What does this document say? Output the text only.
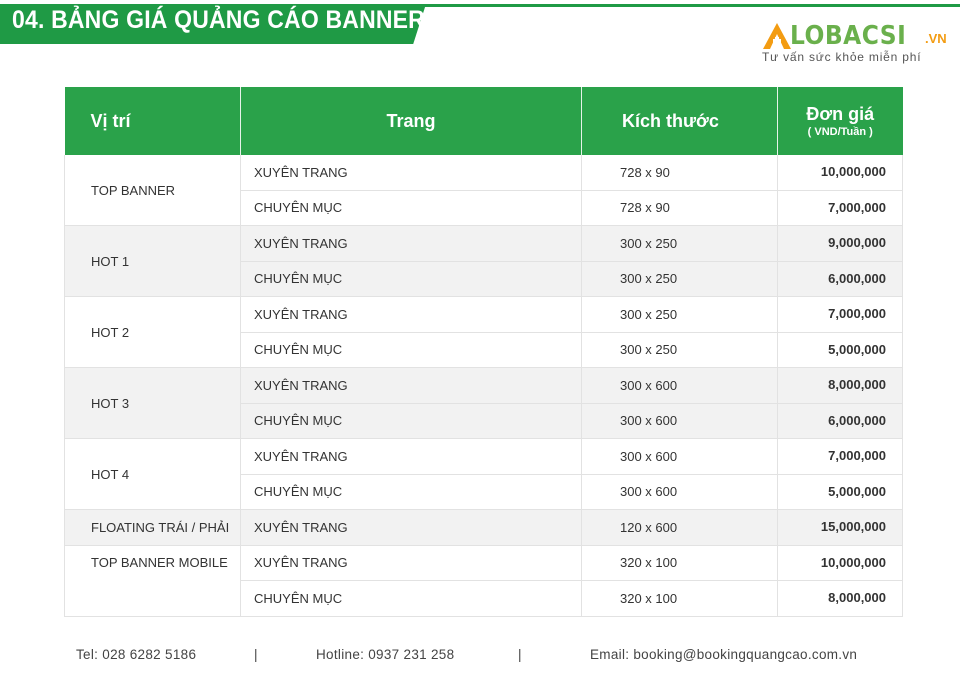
04. BẢNG GIÁ QUẢNG CÁO BANNER
LOBACSI .VN
Tư vấn sức khỏe miễn phí
Vị trí	Trang	Kích thước	Đơn giá
( VND/Tuần )

TOP BANNER	XUYÊN TRANG	728 x 90	10,000,000

	CHUYÊN MỤC	728 x 90	7,000,000

HOT 1	XUYÊN TRANG	300 x 250	9,000,000

	CHUYÊN MỤC	300 x 250	6,000,000

HOT 2	XUYÊN TRANG	300 x 250	7,000,000

	CHUYÊN MỤC	300 x 250	5,000,000

HOT 3	XUYÊN TRANG	300 x 600	8,000,000

	CHUYÊN MỤC	300 x 600	6,000,000

HOT 4	XUYÊN TRANG	300 x 600	7,000,000

	CHUYÊN MỤC	300 x 600	5,000,000

FLOATING TRÁI / PHẢI	XUYÊN TRANG	120 x 600	15,000,000

TOP BANNER MOBILE	XUYÊN TRANG	320 x 100	10,000,000

	CHUYÊN MỤC	320 x 100	8,000,000
Tel: 028 6282 5186	|	Hotline: 0937 231 258	|	Email: booking@bookingquangcao.com.vn
